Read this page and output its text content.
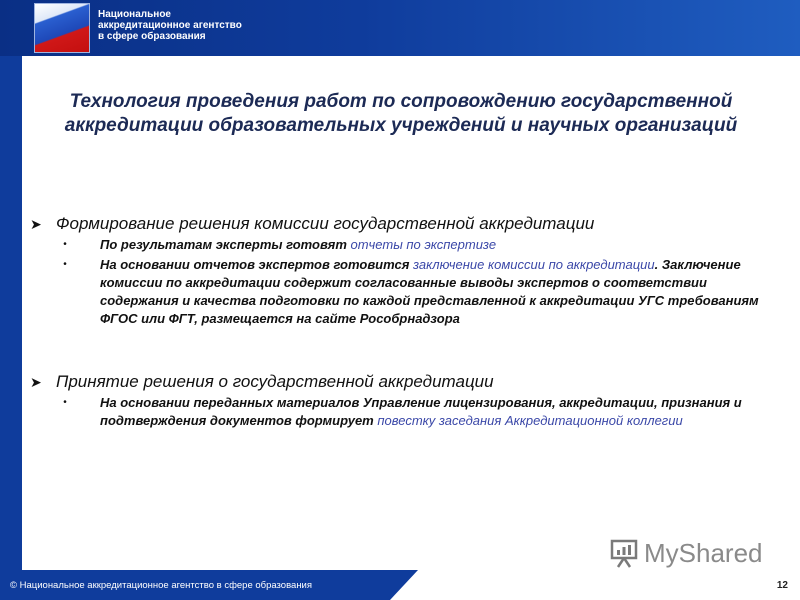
Национальное
аккредитационное агентство
в сфере образования
Технология проведения работ по сопровождению государственной аккредитации образовательных учреждений и научных организаций
➤ Формирование решения комиссии государственной аккредитации
•	По результатам эксперты готовят отчеты по экспертизе
•	На основании отчетов экспертов готовится заключение комиссии по аккредитации. Заключение комиссии по аккредитации содержит согласованные выводы экспертов о соответствии содержания и качества подготовки по каждой представленной к аккредитации УГС требованиям ФГОС или ФГТ, размещается на сайте Рособрнадзора
➤ Принятие решения о государственной аккредитации
•	На основании переданных материалов Управление лицензирования, аккредитации, признания и подтверждения документов формирует повестку заседания Аккредитационной коллегии
MyShared
© Национальное аккредитационное агентство в сфере образования	12
